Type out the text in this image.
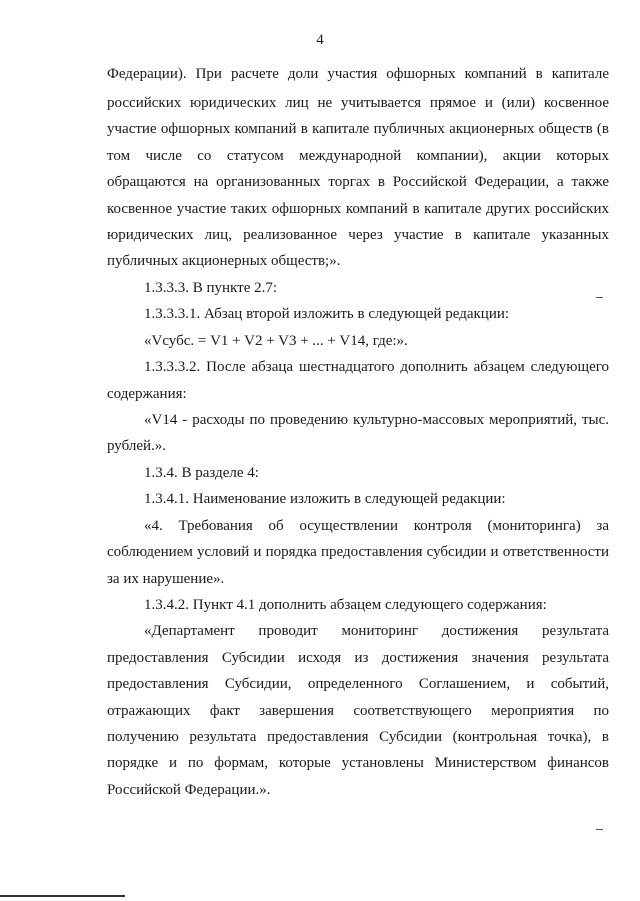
4
Федерации). При расчете доли участия офшорных компаний в капитале
российских юридических лиц не учитывается прямое и (или) косвенное
участие офшорных компаний в капитале публичных акционерных обществ (в
том числе со статусом международной компании), акции которых
обращаются на организованных торгах в Российской Федерации, а также
косвенное участие таких офшорных компаний в капитале других российских
юридических лиц, реализованное через участие в капитале указанных
публичных акционерных обществ;».
1.3.3.3. В пункте 2.7:
1.3.3.3.1. Абзац второй изложить в следующей редакции:
«Vсубс. = V1 + V2 + V3 + ... + V14, где:».
1.3.3.3.2. После абзаца шестнадцатого дополнить абзацем следующего
содержания:
«V14 - расходы по проведению культурно-массовых мероприятий, тыс.
рублей.».
1.3.4. В разделе 4:
1.3.4.1. Наименование изложить в следующей редакции:
«4. Требования об осуществлении контроля (мониторинга) за
соблюдением условий и порядка предоставления субсидии и ответственности
за их нарушение».
1.3.4.2. Пункт 4.1 дополнить абзацем следующего содержания:
«Департамент проводит мониторинг достижения результата
предоставления Субсидии исходя из достижения значения результата
предоставления Субсидии, определенного Соглашением, и событий,
отражающих факт завершения соответствующего мероприятия по
получению результата предоставления Субсидии (контрольная точка), в
порядке и по формам, которые установлены Министерством финансов
Российской Федерации.».
